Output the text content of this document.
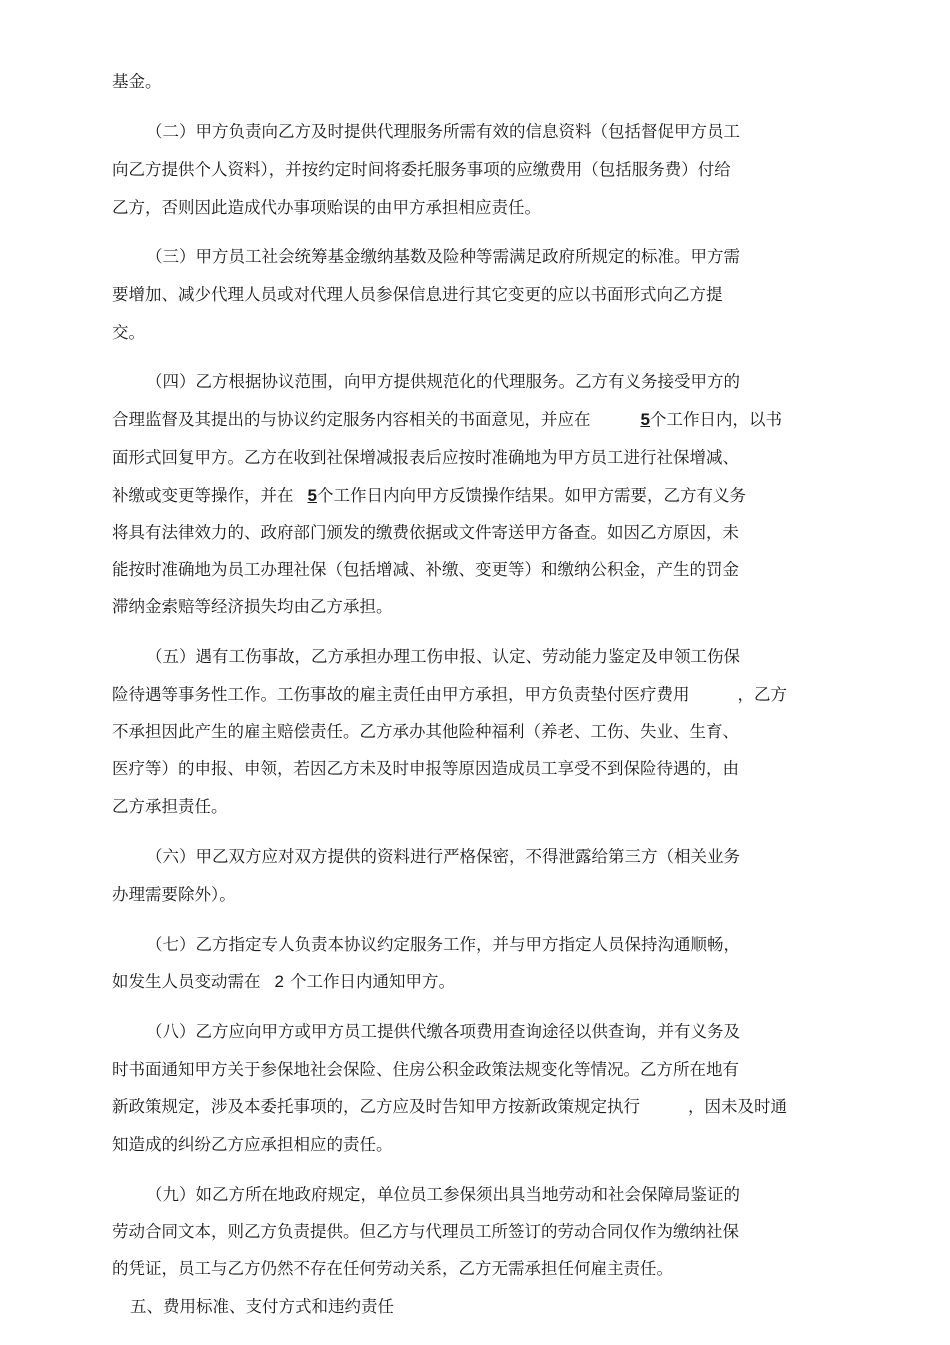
基金。
（二）甲方负责向乙方及时提供代理服务所需有效的信息资料（包括督促甲方员工
向乙方提供个人资料），并按约定时间将委托服务事项的应缴费用（包括服务费）付给
乙方，否则因此造成代办事项贻误的由甲方承担相应责任。
（三）甲方员工社会统筹基金缴纳基数及险种等需满足政府所规定的标准。甲方需
要增加、减少代理人员或对代理人员参保信息进行其它变更的应以书面形式向乙方提
交。
（四）乙方根据协议范围，向甲方提供规范化的代理服务。乙方有义务接受甲方的
合理监督及其提出的与协议约定服务内容相关的书面意见，并应在	5个工作日内，以书
面形式回复甲方。乙方在收到社保增减报表后应按时准确地为甲方员工进行社保增减、
补缴或变更等操作，并在 5个工作日内向甲方反馈操作结果。如甲方需要，乙方有义务
将具有法律效力的、政府部门颁发的缴费依据或文件寄送甲方备查。如因乙方原因，未
能按时准确地为员工办理社保（包括增减、补缴、变更等）和缴纳公积金，产生的罚金
滞纳金索赔等经济损失均由乙方承担。
（五）遇有工伤事故，乙方承担办理工伤申报、认定、劳动能力鉴定及申领工伤保
险待遇等事务性工作。工伤事故的雇主责任由甲方承担，甲方负责垫付医疗费用	，乙方
不承担因此产生的雇主赔偿责任。乙方承办其他险种福利（养老、工伤、失业、生育、
医疗等）的申报、申领，若因乙方未及时申报等原因造成员工享受不到保险待遇的，由
乙方承担责任。
（六）甲乙双方应对双方提供的资料进行严格保密，不得泄露给第三方（相关业务
办理需要除外）。
（七）乙方指定专人负责本协议约定服务工作，并与甲方指定人员保持沟通顺畅，
如发生人员变动需在 2 个工作日内通知甲方。
（八）乙方应向甲方或甲方员工提供代缴各项费用查询途径以供查询，并有义务及
时书面通知甲方关于参保地社会保险、住房公积金政策法规变化等情况。乙方所在地有
新政策规定，涉及本委托事项的，乙方应及时告知甲方按新政策规定执行	，因未及时通
知造成的纠纷乙方应承担相应的责任。
（九）如乙方所在地政府规定，单位员工参保须出具当地劳动和社会保障局鉴证的
劳动合同文本，则乙方负责提供。但乙方与代理员工所签订的劳动合同仅作为缴纳社保
的凭证，员工与乙方仍然不存在任何劳动关系，乙方无需承担任何雇主责任。
五、费用标准、支付方式和违约责任
